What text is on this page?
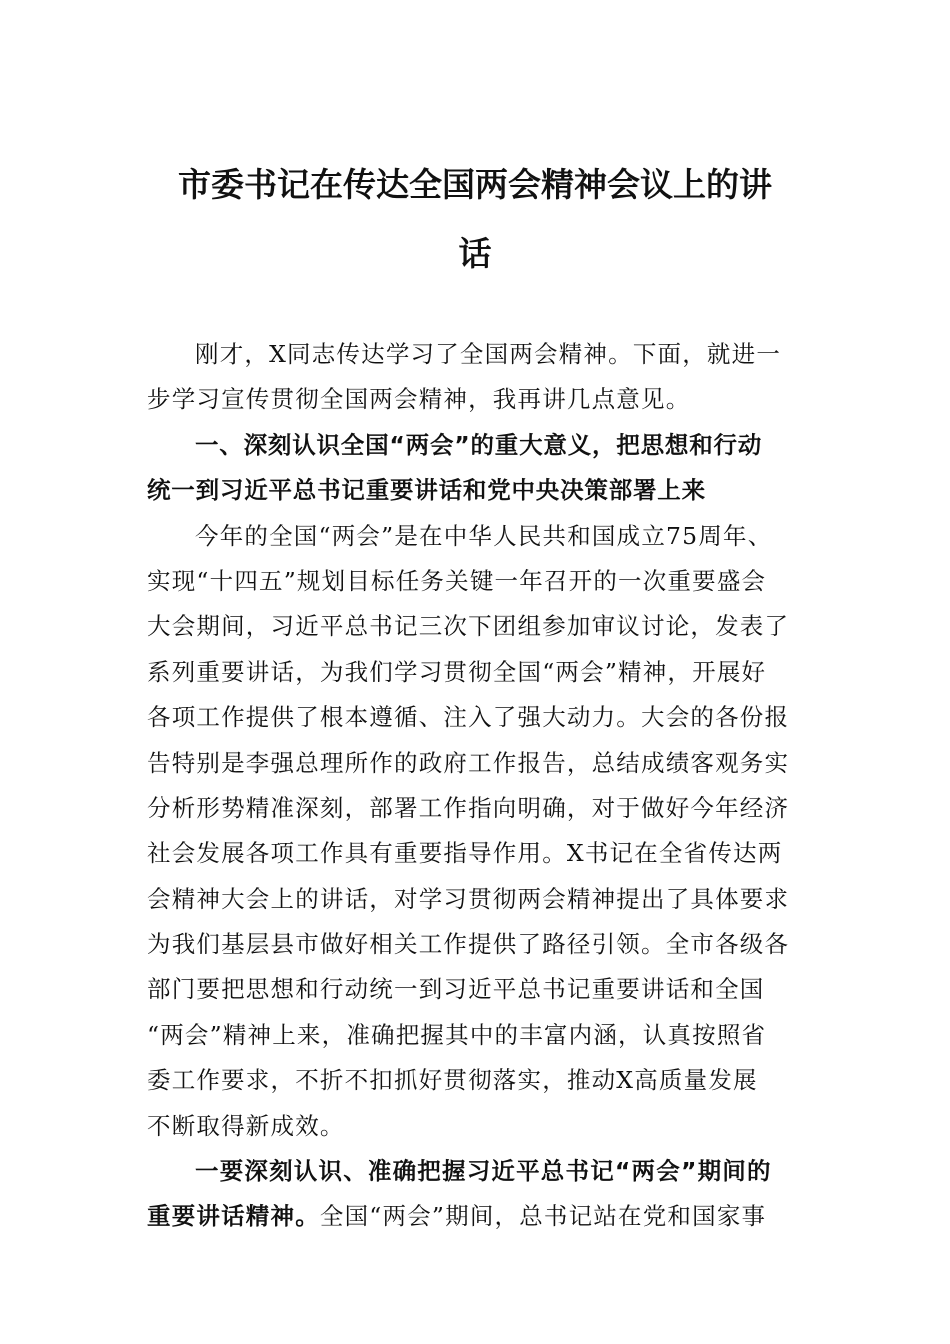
市委书记在传达全国两会精神会议上的讲
话
刚才，X同志传达学习了全国两会精神。下面，就进一
步学习宣传贯彻全国两会精神，我再讲几点意见。
一、深刻认识全国“两会”的重大意义，把思想和行动
统一到习近平总书记重要讲话和党中央决策部署上来
今年的全国“两会”是在中华人民共和国成立75周年、
实现“十四五”规划目标任务关键一年召开的一次重要盛会
大会期间，习近平总书记三次下团组参加审议讨论，发表了
系列重要讲话，为我们学习贯彻全国“两会”精神，开展好
各项工作提供了根本遵循、注入了强大动力。大会的各份报
告特别是李强总理所作的政府工作报告，总结成绩客观务实
分析形势精准深刻，部署工作指向明确，对于做好今年经济
社会发展各项工作具有重要指导作用。X书记在全省传达两
会精神大会上的讲话，对学习贯彻两会精神提出了具体要求
为我们基层县市做好相关工作提供了路径引领。全市各级各
部门要把思想和行动统一到习近平总书记重要讲话和全国
“两会”精神上来，准确把握其中的丰富内涵，认真按照省
委工作要求，不折不扣抓好贯彻落实，推动X高质量发展
不断取得新成效。
一要深刻认识、准确把握习近平总书记“两会”期间的
重要讲话精神。全国“两会”期间，总书记站在党和国家事
